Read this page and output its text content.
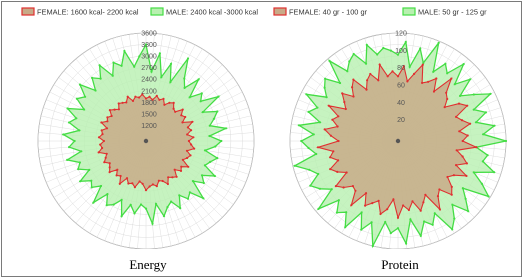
1200
1500
1800
2100
2400
2700
3000
3300
3600
FEMALE: 1600 kcal- 2200 kcal	MALE: 2400 kcal -3000 kcal
20
40
60
80
100
120
FEMALE: 40 gr - 100 gr	MALE: 50 gr - 125 gr
Energy	Protein
